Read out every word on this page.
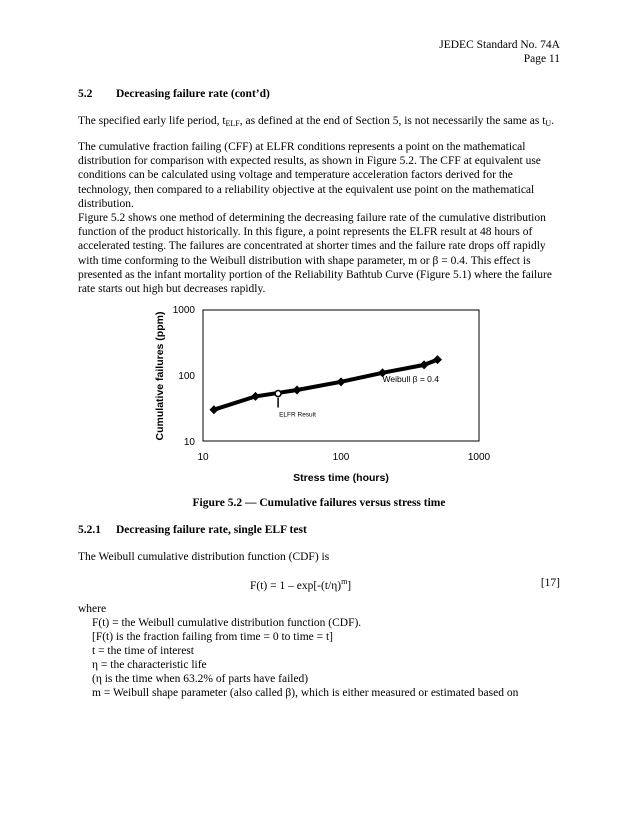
JEDEC Standard No. 74A
Page 11
5.2 Decreasing failure rate (cont’d)
The specified early life period, $t_{ELF}$, as defined at the end of Section 5, is not necessarily the same as $t_U$.
The cumulative fraction failing (CFF) at ELFR conditions represents a point on the mathematical
distribution for comparison with expected results, as shown in Figure 5.2. The CFF at equivalent use
conditions can be calculated using voltage and temperature acceleration factors derived for the
technology, then compared to a reliability objective at the equivalent use point on the mathematical
distribution.
Figure 5.2 shows one method of determining the decreasing failure rate of the cumulative distribution
function of the product historically. In this figure, a point represents the ELFR result at 48 hours of
accelerated testing. The failures are concentrated at shorter times and the failure rate drops off rapidly
with time conforming to the Weibull distribution with shape parameter, m or β = 0.4. This effect is
presented as the infant mortality portion of the Reliability Bathtub Curve (Figure 5.1) where the failure
rate starts out high but decreases rapidly.
Cumulative failures (ppm)
1000
100
10
10	100	1000
Stress time (hours)
ELFR Result
Weibull β = 0.4
Figure 5.2 — Cumulative failures versus stress time
5.2.1 Decreasing failure rate, single ELF test
The Weibull cumulative distribution function (CDF) is
$F(t) = 1 - \exp[-(t/\eta)^m]$	[17]
where
F(t) = the Weibull cumulative distribution function (CDF).
[F(t) is the fraction failing from time = 0 to time = t]
t = the time of interest
η = the characteristic life
(η is the time when 63.2% of parts have failed)
m = Weibull shape parameter (also called β), which is either measured or estimated based on
